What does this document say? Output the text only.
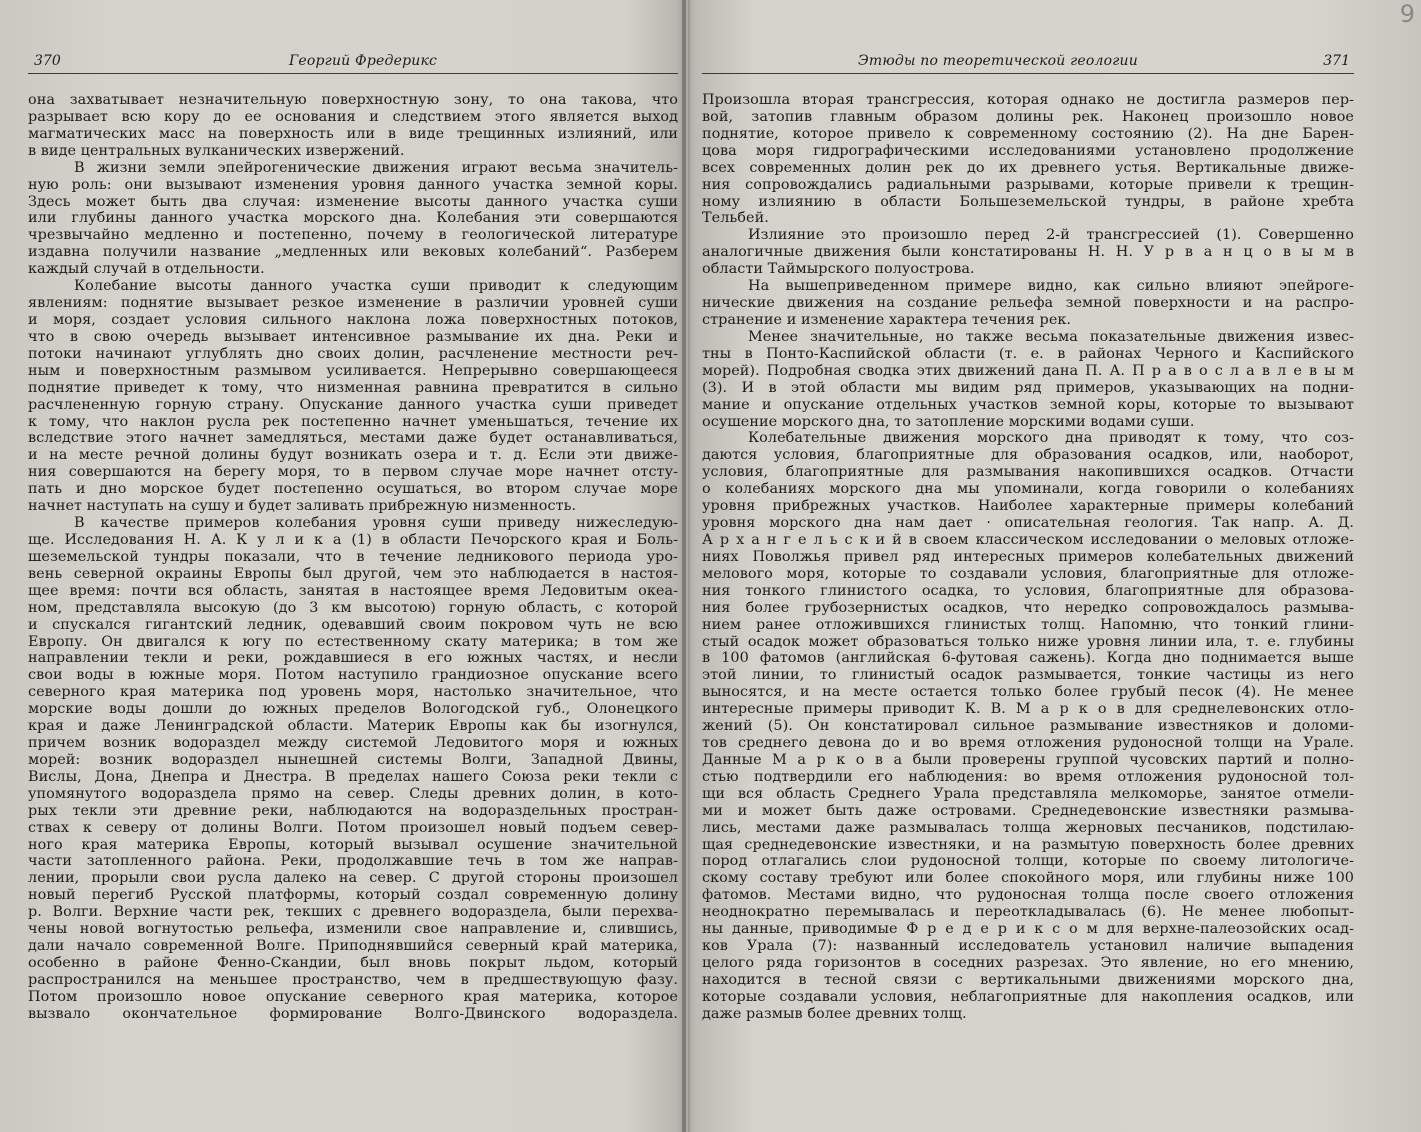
370	Георгий Фредерикс
она захватывает незначительную поверхностную зону, то она такова, что
разрывает всю кору до ее основания и следствием этого является выход
магматических масс на поверхность или в виде трещинных излияний, или
в виде центральных вулканических извержений.
В жизни земли эпейрогенические движения играют весьма значитель-
ную роль: они вызывают изменения уровня данного участка земной коры.
Здесь может быть два случая: изменение высоты данного участка суши
или глубины данного участка морского дна. Колебания эти совершаются
чрезвычайно медленно и постепенно, почему в геологической литературе
издавна получили название „медленных или вековых колебаний“. Разберем
каждый случай в отдельности.
Колебание высоты данного участка суши приводит к следующим
явлениям: поднятие вызывает резкое изменение в различии уровней суши
и моря, создает условия сильного наклона ложа поверхностных потоков,
что в свою очередь вызывает интенсивное размывание их дна. Реки и
потоки начинают углублять дно своих долин, расчленение местности реч-
ным и поверхностным размывом усиливается. Непрерывно совершающееся
поднятие приведет к тому, что низменная равнина превратится в сильно
расчлененную горную страну. Опускание данного участка суши приведет
к тому, что наклон русла рек постепенно начнет уменьшаться, течение их
вследствие этого начнет замедляться, местами даже будет останавливаться,
и на месте речной долины будут возникать озера и т. д. Если эти движе-
ния совершаются на берегу моря, то в первом случае море начнет отсту-
пать и дно морское будет постепенно осушаться, во втором случае море
начнет наступать на сушу и будет заливать прибрежную низменность.
В качестве примеров колебания уровня суши приведу нижеследую-
ще. Исследования Н. А. К у л и к а (1) в области Печорского края и Боль-
шеземельской тундры показали, что в течение ледникового периода уро-
вень северной окраины Европы был другой, чем это наблюдается в настоя-
щее время: почти вся область, занятая в настоящее время Ледовитым океа-
ном, представляла высокую (до 3 км высотою) горную область, с которой
и спускался гигантский ледник, одевавший своим покровом чуть не всю
Европу. Он двигался к югу по естественному скату материка; в том же
направлении текли и реки, рождавшиеся в его южных частях, и несли
свои воды в южные моря. Потом наступило грандиозное опускание всего
северного края материка под уровень моря, настолько значительное, что
морские воды дошли до южных пределов Вологодской губ., Олонецкого
края и даже Ленинградской области. Материк Европы как бы изогнулся,
причем возник водораздел между системой Ледовитого моря и южных
морей: возник водораздел нынешней системы Волги, Западной Двины,
Вислы, Дона, Днепра и Днестра. В пределах нашего Союза реки текли с
упомянутого водораздела прямо на север. Следы древних долин, в кото-
рых текли эти древние реки, наблюдаются на водораздельных простран-
ствах к северу от долины Волги. Потом произошел новый подъем север-
ного края материка Европы, который вызывал осушение значительной
части затопленного района. Реки, продолжавшие течь в том же направ-
лении, прорыли свои русла далеко на север. С другой стороны произошел
новый перегиб Русской платформы, который создал современную долину
р. Волги. Верхние части рек, текших с древнего водораздела, были перехва-
чены новой вогнутостью рельефа, изменили свое направление и, слившись,
дали начало современной Волге. Приподнявшийся северный край материка,
особенно в районе Фенно-Скандии, был вновь покрыт льдом, который
распространился на меньшее пространство, чем в предшествующую фазу.
Потом произошло новое опускание северного края материка, которое
вызвало окончательное формирование Волго-Двинского водораздела.
Этюды по теоретической геологии	371
Произошла вторая трансгрессия, которая однако не достигла размеров пер-
вой, затопив главным образом долины рек. Наконец произошло новое
поднятие, которое привело к современному состоянию (2). На дне Барен-
цова моря гидрографическими исследованиями установлено продолжение
всех современных долин рек до их древнего устья. Вертикальные движе-
ния сопровождались радиальными разрывами, которые привели к трещин-
ному излиянию в области Большеземельской тундры, в районе хребта
Тельбей.
Излияние это произошло перед 2-й трансгрессией (1). Совершенно
аналогичные движения были констатированы Н. Н. У р в а н ц о в ы м в
области Таймырского полуострова.
На вышеприведенном примере видно, как сильно влияют эпейроге-
нические движения на создание рельефа земной поверхности и на распро-
странение и изменение характера течения рек.
Менее значительные, но также весьма показательные движения извес-
тны в Понто-Каспийской области (т. е. в районах Черного и Каспийского
морей). Подробная сводка этих движений дана П. А. П р а в о с л а в л е в ы м
(3). И в этой области мы видим ряд примеров, указывающих на подни-
мание и опускание отдельных участков земной коры, которые то вызывают
осушение морского дна, то затопление морскими водами суши.
Колебательные движения морского дна приводят к тому, что соз-
даются условия, благоприятные для образования осадков, или, наоборот,
условия, благоприятные для размывания накопившихся осадков. Отчасти
о колебаниях морского дна мы упоминали, когда говорили о колебаниях
уровня прибрежных участков. Наиболее характерные примеры колебаний
уровня морского дна нам дает · описательная геология. Так напр. А. Д.
А р х а н г е л ь с к и й в своем классическом исследовании о меловых отложе-
ниях Поволжья привел ряд интересных примеров колебательных движений
мелового моря, которые то создавали условия, благоприятные для отложе-
ния тонкого глинистого осадка, то условия, благоприятные для образова-
ния более грубозернистых осадков, что нередко сопровождалось размыва-
нием ранее отложившихся глинистых толщ. Напомню, что тонкий глини-
стый осадок может образоваться только ниже уровня линии ила, т. е. глубины
в 100 фатомов (английская 6-футовая сажень). Когда дно поднимается выше
этой линии, то глинистый осадок размывается, тонкие частицы из него
выносятся, и на месте остается только более грубый песок (4). Не менее
интересные примеры приводит К. В. М а р к о в для среднелевонских отло-
жений (5). Он констатировал сильное размывание известняков и доломи-
тов среднего девона до и во время отложения рудоносной толщи на Урале.
Данные М а р к о в а были проверены группой чусовских партий и полно-
стью подтвердили его наблюдения: во время отложения рудоносной тол-
щи вся область Среднего Урала представляла мелкоморье, занятое отмели-
ми и может быть даже островами. Среднедевонские известняки размыва-
лись, местами даже размывалась толща жерновых песчаников, подстилаю-
щая среднедевонские известняки, и на размытую поверхность более древних
пород отлагались слои рудоносной толщи, которые по своему литологиче-
скому составу требуют или более спокойного моря, или глубины ниже 100
фатомов. Местами видно, что рудоносная толща после своего отложения
неоднократно перемывалась и переоткладывалась (6). Не менее любопыт-
ны данные, приводимые Ф р е д е р и к с о м для верхне-палеозойских осад-
ков Урала (7): названный исследователь установил наличие выпадения
целого ряда горизонтов в соседних разрезах. Это явление, но его мнению,
находится в тесной связи с вертикальными движениями морского дна,
которые создавали условия, неблагоприятные для накопления осадков, или
даже размыв более древних толщ.
9
